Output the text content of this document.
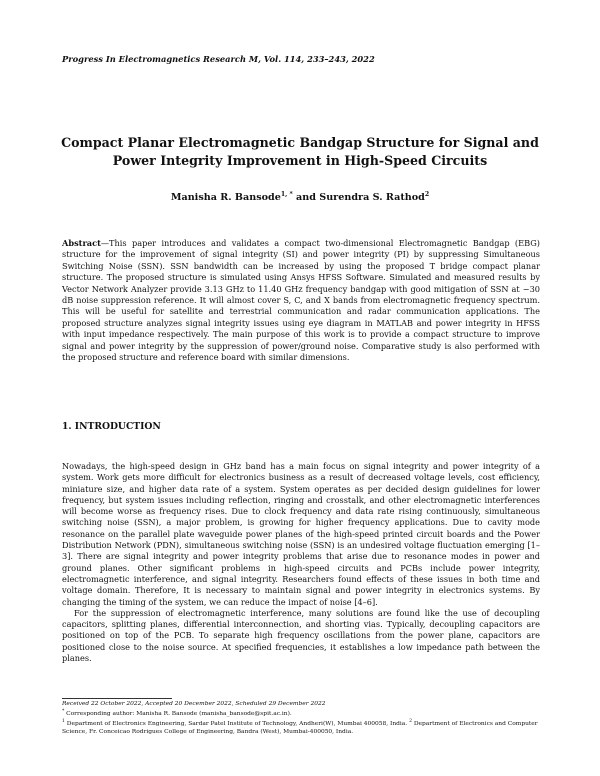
Progress In Electromagnetics Research M, Vol. 114, 233–243, 2022
Compact Planar Electromagnetic Bandgap Structure for Signal and
Power Integrity Improvement in High-Speed Circuits
Manisha R. Bansode$^{1, *}$ and Surendra S. Rathod$^2$
Abstract—This paper introduces and validates a compact two-dimensional Electromagnetic Bandgap (EBG) structure for the improvement of signal integrity (SI) and power integrity (PI) by suppressing Simultaneous Switching Noise (SSN). SSN bandwidth can be increased by using the proposed T bridge compact planar structure. The proposed structure is simulated using Ansys HFSS Software. Simulated and measured results by Vector Network Analyzer provide 3.13 GHz to 11.40 GHz frequency bandgap with good mitigation of SSN at −30 dB noise suppression reference. It will almost cover S, C, and X bands from electromagnetic frequency spectrum. This will be useful for satellite and terrestrial communication and radar communication applications. The proposed structure analyzes signal integrity issues using eye diagram in MATLAB and power integrity in HFSS with input impedance respectively. The main purpose of this work is to provide a compact structure to improve signal and power integrity by the suppression of power/ground noise. Comparative study is also performed with the proposed structure and reference board with similar dimensions.
1. INTRODUCTION

Nowadays, the high-speed design in GHz band has a main focus on signal integrity and power integrity of a system. Work gets more difficult for electronics business as a result of decreased voltage levels, cost efficiency, miniature size, and higher data rate of a system. System operates as per decided design guidelines for lower frequency, but system issues including reflection, ringing and crosstalk, and other electromagnetic interferences will become worse as frequency rises. Due to clock frequency and data rate rising continuously, simultaneous switching noise (SSN), a major problem, is growing for higher frequency applications. Due to cavity mode resonance on the parallel plate waveguide power planes of the high-speed printed circuit boards and the Power Distribution Network (PDN), simultaneous switching noise (SSN) is an undesired voltage fluctuation emerging [1–3]. There are signal integrity and power integrity problems that arise due to resonance modes in power and ground planes. Other significant problems in high-speed circuits and PCBs include power integrity, electromagnetic interference, and signal integrity. Researchers found effects of these issues in both time and voltage domain. Therefore, It is necessary to maintain signal and power integrity in electronics systems. By changing the timing of the system, we can reduce the impact of noise [4–6].

For the suppression of electromagnetic interference, many solutions are found like the use of decoupling capacitors, splitting planes, differential interconnection, and shorting vias. Typically, decoupling capacitors are positioned on top of the PCB. To separate high frequency oscillations from the power plane, capacitors are positioned close to the noise source. At specified frequencies, it establishes a low impedance path between the planes.

Received 22 October 2022, Accepted 20 December 2022, Scheduled 29 December 2022
* Corresponding author: Manisha R. Bansode (manisha_bansode@spit.ac.in).
$^1$ Department of Electronics Engineering, Sardar Patel Institute of Technology, Andheri(W), Mumbai 400058, India. $^2$ Department of Electronics and Computer Science, Fr. Conceicao Rodrigues College of Engineering, Bandra (West), Mumbai-400050, India.
